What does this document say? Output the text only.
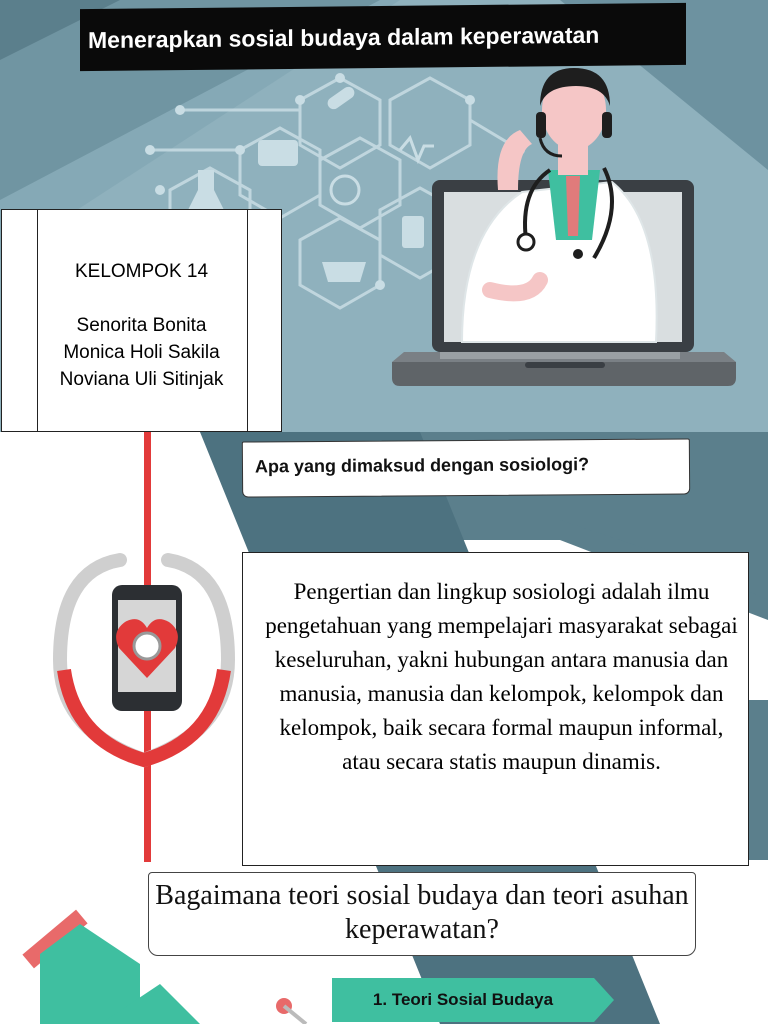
Menerapkan sosial budaya dalam keperawatan
KELOMPOK 14
Senorita Bonita
Monica Holi Sakila
Noviana Uli Sitinjak
Apa yang dimaksud dengan sosiologi?
Pengertian dan lingkup sosiologi adalah ilmu pengetahuan yang mempelajari masyarakat sebagai keseluruhan, yakni hubungan antara manusia dan manusia, manusia dan kelompok, kelompok dan kelompok, baik secara formal maupun informal, atau secara statis maupun dinamis.
Bagaimana teori sosial budaya dan teori asuhan keperawatan?
1. Teori Sosial Budaya
